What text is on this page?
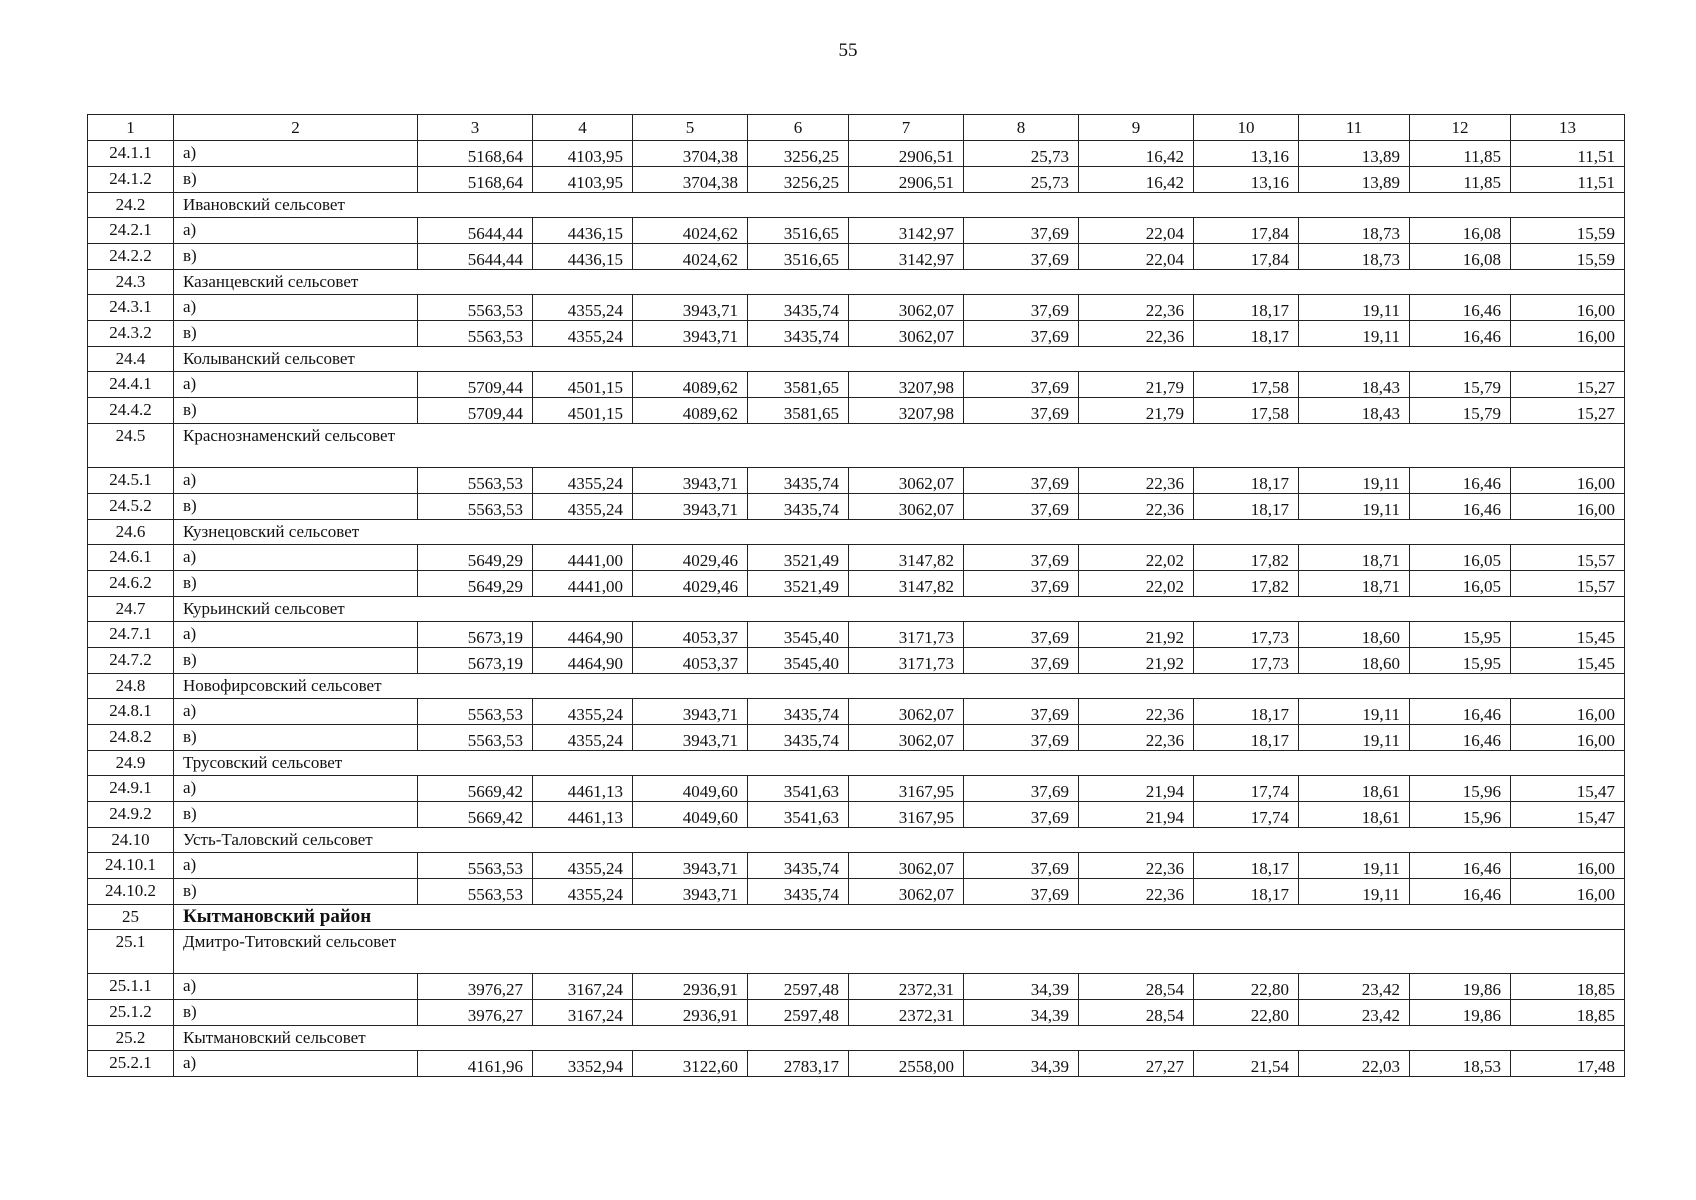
55
1	2	3	4	5	6	7	8	9	10	11	12	13
24.1.1	а)	5168,64	4103,95	3704,38	3256,25	2906,51	25,73	16,42	13,16	13,89	11,85	11,51
24.1.2	в)	5168,64	4103,95	3704,38	3256,25	2906,51	25,73	16,42	13,16	13,89	11,85	11,51
24.2	Ивановский сельсовет											
24.2.1	а)	5644,44	4436,15	4024,62	3516,65	3142,97	37,69	22,04	17,84	18,73	16,08	15,59
24.2.2	в)	5644,44	4436,15	4024,62	3516,65	3142,97	37,69	22,04	17,84	18,73	16,08	15,59
24.3	Казанцевский сельсовет											
24.3.1	а)	5563,53	4355,24	3943,71	3435,74	3062,07	37,69	22,36	18,17	19,11	16,46	16,00
24.3.2	в)	5563,53	4355,24	3943,71	3435,74	3062,07	37,69	22,36	18,17	19,11	16,46	16,00
24.4	Колыванский сельсовет											
24.4.1	а)	5709,44	4501,15	4089,62	3581,65	3207,98	37,69	21,79	17,58	18,43	15,79	15,27
24.4.2	в)	5709,44	4501,15	4089,62	3581,65	3207,98	37,69	21,79	17,58	18,43	15,79	15,27
24.5	Краснознаменский сельсовет											
24.5.1	а)	5563,53	4355,24	3943,71	3435,74	3062,07	37,69	22,36	18,17	19,11	16,46	16,00
24.5.2	в)	5563,53	4355,24	3943,71	3435,74	3062,07	37,69	22,36	18,17	19,11	16,46	16,00
24.6	Кузнецовский сельсовет											
24.6.1	а)	5649,29	4441,00	4029,46	3521,49	3147,82	37,69	22,02	17,82	18,71	16,05	15,57
24.6.2	в)	5649,29	4441,00	4029,46	3521,49	3147,82	37,69	22,02	17,82	18,71	16,05	15,57
24.7	Курьинский сельсовет											
24.7.1	а)	5673,19	4464,90	4053,37	3545,40	3171,73	37,69	21,92	17,73	18,60	15,95	15,45
24.7.2	в)	5673,19	4464,90	4053,37	3545,40	3171,73	37,69	21,92	17,73	18,60	15,95	15,45
24.8	Новофирсовский сельсовет											
24.8.1	а)	5563,53	4355,24	3943,71	3435,74	3062,07	37,69	22,36	18,17	19,11	16,46	16,00
24.8.2	в)	5563,53	4355,24	3943,71	3435,74	3062,07	37,69	22,36	18,17	19,11	16,46	16,00
24.9	Трусовский сельсовет											
24.9.1	а)	5669,42	4461,13	4049,60	3541,63	3167,95	37,69	21,94	17,74	18,61	15,96	15,47
24.9.2	в)	5669,42	4461,13	4049,60	3541,63	3167,95	37,69	21,94	17,74	18,61	15,96	15,47
24.10	Усть-Таловский сельсовет											
24.10.1	а)	5563,53	4355,24	3943,71	3435,74	3062,07	37,69	22,36	18,17	19,11	16,46	16,00
24.10.2	в)	5563,53	4355,24	3943,71	3435,74	3062,07	37,69	22,36	18,17	19,11	16,46	16,00
25	Кытмановский район											
25.1	Дмитро-Титовский сельсовет											
25.1.1	а)	3976,27	3167,24	2936,91	2597,48	2372,31	34,39	28,54	22,80	23,42	19,86	18,85
25.1.2	в)	3976,27	3167,24	2936,91	2597,48	2372,31	34,39	28,54	22,80	23,42	19,86	18,85
25.2	Кытмановский сельсовет											
25.2.1	а)	4161,96	3352,94	3122,60	2783,17	2558,00	34,39	27,27	21,54	22,03	18,53	17,48
